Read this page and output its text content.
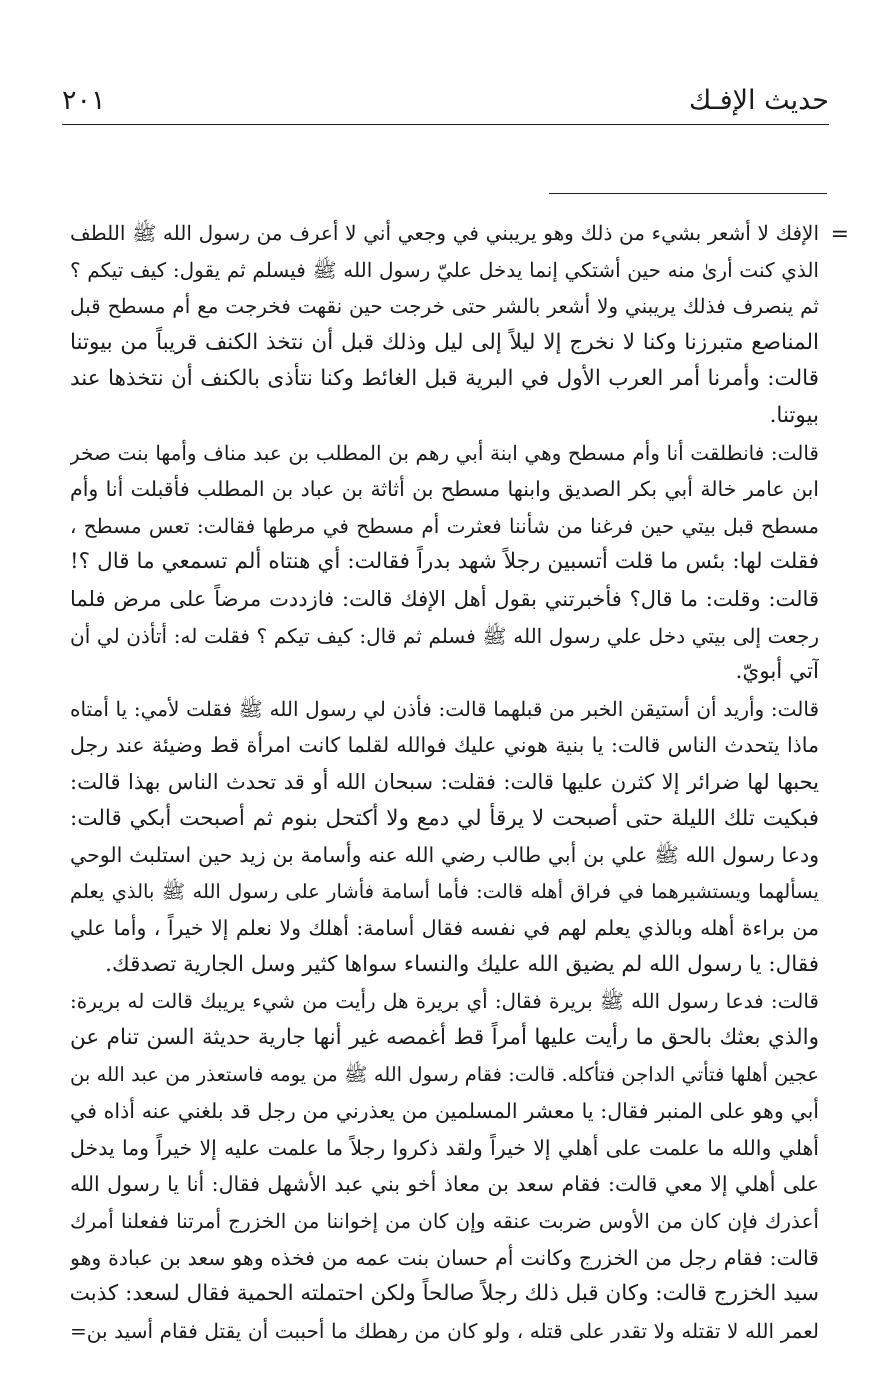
حديث الإفـك
٢٠١
=
الإفك لا أشعر بشيء من ذلك وهو يريبني في وجعي أني لا أعرف من رسول الله ﷺ اللطف
الذي كنت أرىٰ منه حين أشتكي إنما يدخل عليّ رسول الله ﷺ فيسلم ثم يقول: كيف تيكم ؟
ثم ينصرف فذلك يريبني ولا أشعر بالشر حتى خرجت حين نقهت فخرجت مع أم مسطح قبل
المناصع متبرزنا وكنا لا نخرج إلا ليلاً إلى ليل وذلك قبل أن نتخذ الكنف قريباً من بيوتنا
قالت: وأمرنا أمر العرب الأول في البرية قبل الغائط وكنا نتأذى بالكنف أن نتخذها عند
بيوتنا.
قالت: فانطلقت أنا وأم مسطح وهي ابنة أبي رهم بن المطلب بن عبد مناف وأمها بنت صخر
ابن عامر خالة أبي بكر الصديق وابنها مسطح بن أثاثة بن عباد بن المطلب فأقبلت أنا وأم
مسطح قبل بيتي حين فرغنا من شأننا فعثرت أم مسطح في مرطها فقالت: تعس مسطح ،
فقلت لها: بئس ما قلت أتسبين رجلاً شهد بدراً فقالت: أي هنتاه ألم تسمعي ما قال ؟!
قالت: وقلت: ما قال؟ فأخبرتني بقول أهل الإفك قالت: فازددت مرضاً على مرض فلما
رجعت إلى بيتي دخل علي رسول الله ﷺ فسلم ثم قال: كيف تيكم ؟ فقلت له: أتأذن لي أن
آتي أبويّ.
قالت: وأريد أن أستيقن الخبر من قبلهما قالت: فأذن لي رسول الله ﷺ فقلت لأمي: يا أمتاه
ماذا يتحدث الناس قالت: يا بنية هوني عليك فوالله لقلما كانت امرأة قط وضيئة عند رجل
يحبها لها ضرائر إلا كثرن عليها قالت: فقلت: سبحان الله أو قد تحدث الناس بهذا قالت:
فبكيت تلك الليلة حتى أصبحت لا يرقأ لي دمع ولا أكتحل بنوم ثم أصبحت أبكي قالت:
ودعا رسول الله ﷺ علي بن أبي طالب رضي الله عنه وأسامة بن زيد حين استلبث الوحي
يسألهما ويستشيرهما في فراق أهله قالت: فأما أسامة فأشار على رسول الله ﷺ بالذي يعلم
من براءة أهله وبالذي يعلم لهم في نفسه فقال أسامة: أهلك ولا نعلم إلا خيراً ، وأما علي
فقال: يا رسول الله لم يضيق الله عليك والنساء سواها كثير وسل الجارية تصدقك.
قالت: فدعا رسول الله ﷺ بريرة فقال: أي بريرة هل رأيت من شيء يريبك قالت له بريرة:
والذي بعثك بالحق ما رأيت عليها أمراً قط أغمصه غير أنها جارية حديثة السن تنام عن
عجين أهلها فتأتي الداجن فتأكله. قالت: فقام رسول الله ﷺ من يومه فاستعذر من عبد الله بن
أبي وهو على المنبر فقال: يا معشر المسلمين من يعذرني من رجل قد بلغني عنه أذاه في
أهلي والله ما علمت على أهلي إلا خيراً ولقد ذكروا رجلاً ما علمت عليه إلا خيراً وما يدخل
على أهلي إلا معي قالت: فقام سعد بن معاذ أخو بني عبد الأشهل فقال: أنا يا رسول الله
أعذرك فإن كان من الأوس ضربت عنقه وإن كان من إخواننا من الخزرج أمرتنا ففعلنا أمرك
قالت: فقام رجل من الخزرج وكانت أم حسان بنت عمه من فخذه وهو سعد بن عبادة وهو
سيد الخزرج قالت: وكان قبل ذلك رجلاً صالحاً ولكن احتملته الحمية فقال لسعد: كذبت
لعمر الله لا تقتله ولا تقدر على قتله ، ولو كان من رهطك ما أحببت أن يقتل فقام أسيد بن=
